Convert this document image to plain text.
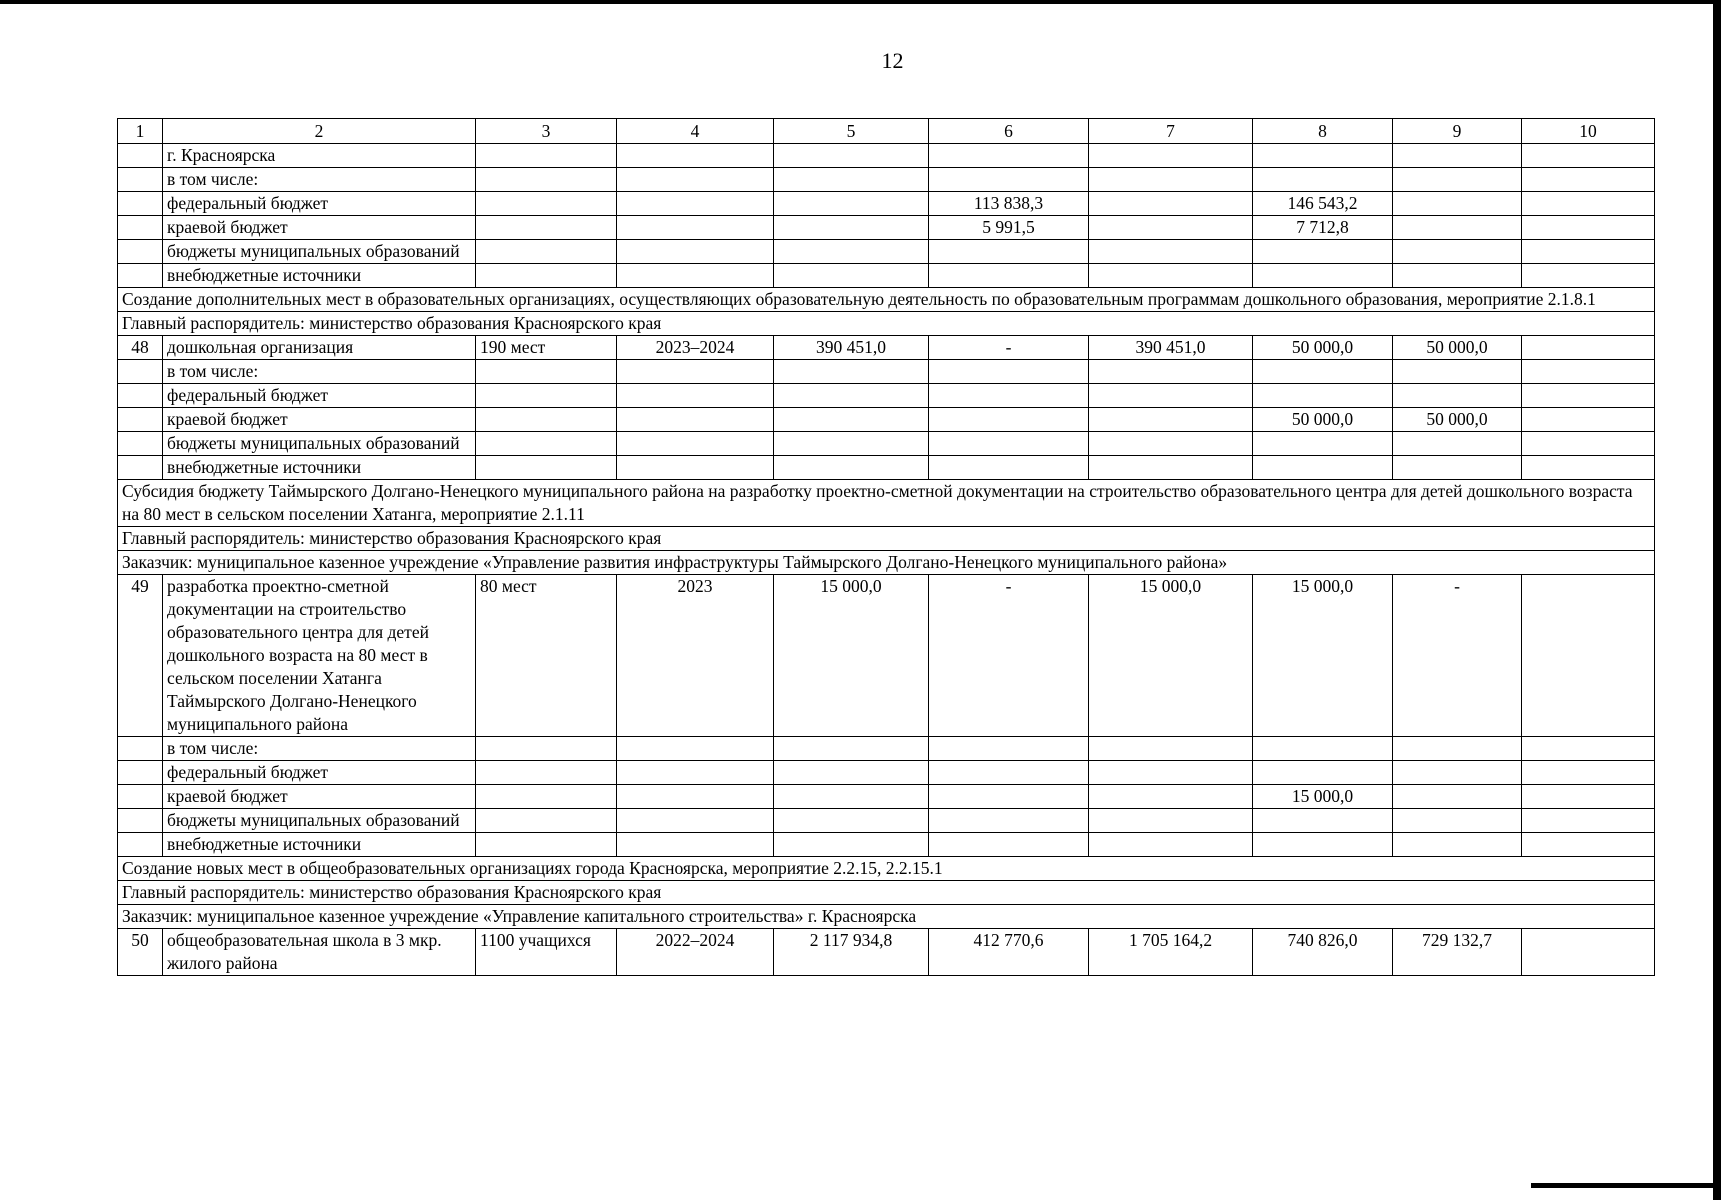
12
1	2	3	4	5	6	7	8	9	10
	г. Красноярска								
	в том числе:								
	федеральный бюджет				113 838,3		146 543,2		
	краевой бюджет				5 991,5		7 712,8		
	бюджеты муниципальных образований								
	внебюджетные источники								
Создание дополнительных мест в образовательных организациях, осуществляющих образовательную деятельность по образовательным программам дошкольного образования, мероприятие 2.1.8.1									
Главный распорядитель: министерство образования Красноярского края									
48	дошкольная организация	190 мест	2023–2024	390 451,0	-	390 451,0	50 000,0	50 000,0	
	в том числе:								
	федеральный бюджет								
	краевой бюджет						50 000,0	50 000,0	
	бюджеты муниципальных образований								
	внебюджетные источники								
Субсидия бюджету Таймырского Долгано-Ненецкого муниципального района на разработку проектно-сметной документации на строительство образовательного центра для детей дошкольного возраста на 80 мест в сельском поселении Хатанга, мероприятие 2.1.11									
Главный распорядитель: министерство образования Красноярского края									
Заказчик: муниципальное казенное учреждение «Управление развития инфраструктуры Таймырского Долгано-Ненецкого муниципального района»									
49	разработка проектно-сметной документации на строительство образовательного центра для детей дошкольного возраста на 80 мест в сельском поселении Хатанга Таймырского Долгано-Ненецкого муниципального района	80 мест	2023	15 000,0	-	15 000,0	15 000,0	-	
	в том числе:								
	федеральный бюджет								
	краевой бюджет						15 000,0		
	бюджеты муниципальных образований								
	внебюджетные источники								
Создание новых мест в общеобразовательных организациях города Красноярска, мероприятие 2.2.15, 2.2.15.1									
Главный распорядитель: министерство образования Красноярского края									
Заказчик: муниципальное казенное учреждение «Управление капитального строительства» г. Красноярска									
50	общеобразовательная школа в 3 мкр. жилого района	1100 учащихся	2022–2024	2 117 934,8	412 770,6	1 705 164,2	740 826,0	729 132,7	
